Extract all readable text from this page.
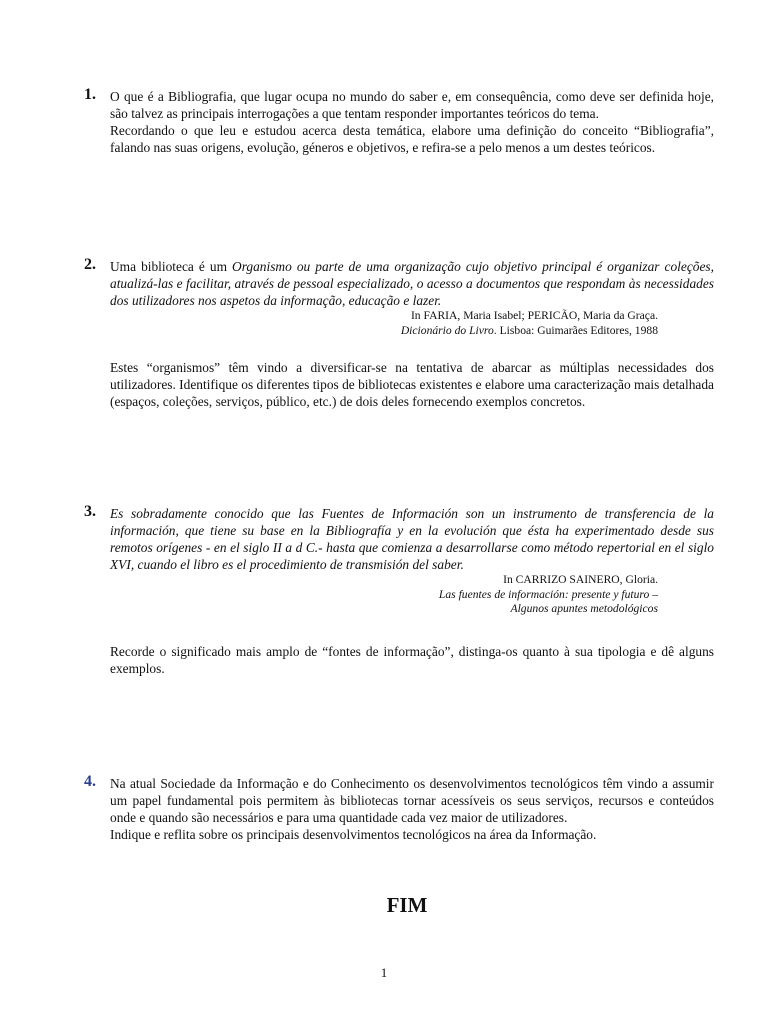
1. O que é a Bibliografia, que lugar ocupa no mundo do saber e, em consequência, como deve ser definida hoje, são talvez as principais interrogações a que tentam responder importantes teóricos do tema.

Recordando o que leu e estudou acerca desta temática, elabore uma definição do conceito “Bibliografia”, falando nas suas origens, evolução, géneros e objetivos, e refira-se a pelo menos a um destes teóricos.

2. Uma biblioteca é um Organismo ou parte de uma organização cujo objetivo principal é organizar coleções, atualizá-las e facilitar, através de pessoal especializado, o acesso a documentos que respondam às necessidades dos utilizadores nos aspetos da informação, educação e lazer.

In FARIA, Maria Isabel; PERICÃO, Maria da Graça.
Dicionário do Livro. Lisboa: Guimarães Editores, 1988

Estes “organismos” têm vindo a diversificar-se na tentativa de abarcar as múltiplas necessidades dos utilizadores. Identifique os diferentes tipos de bibliotecas existentes e elabore uma caracterização mais detalhada (espaços, coleções, serviços, público, etc.) de dois deles fornecendo exemplos concretos.

3. Es sobradamente conocido que las Fuentes de Información son un instrumento de transferencia de la información, que tiene su base en la Bibliografía y en la evolución que ésta ha experimentado desde sus remotos orígenes - en el siglo II a d C.- hasta que comienza a desarrollarse como método repertorial en el siglo XVI, cuando el libro es el procedimiento de transmisión del saber.

In CARRIZO SAINERO, Gloria.
Las fuentes de información: presente y futuro –
Algunos apuntes metodológicos

Recorde o significado mais amplo de “fontes de informação”, distinga-os quanto à sua tipologia e dê alguns exemplos.

4. Na atual Sociedade da Informação e do Conhecimento os desenvolvimentos tecnológicos têm vindo a assumir um papel fundamental pois permitem às bibliotecas tornar acessíveis os seus serviços, recursos e conteúdos onde e quando são necessários e para uma quantidade cada vez maior de utilizadores.

Indique e reflita sobre os principais desenvolvimentos tecnológicos na área da Informação.

FIM
1
